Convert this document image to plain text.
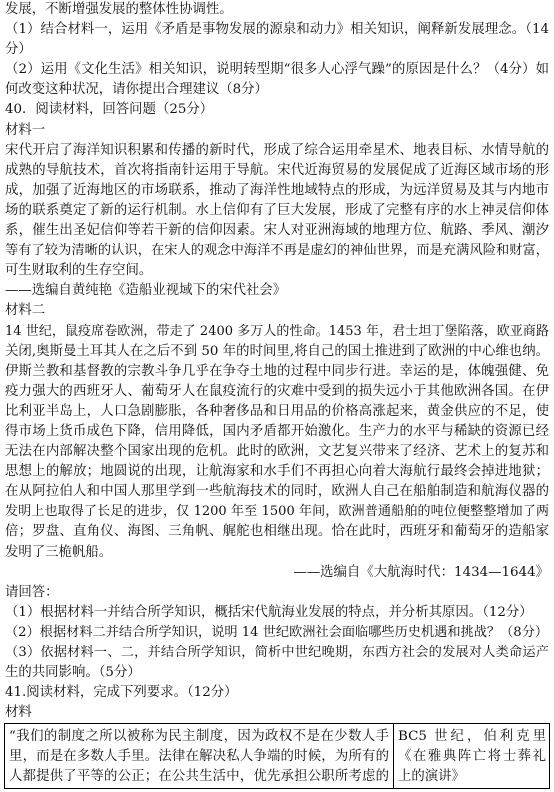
发展，不断增强发展的整体性协调性。
（1）结合材料一，运用《矛盾是事物发展的源泉和动力》相关知识，阐释新发展理念。（14
分）
（2）运用《文化生活》相关知识，说明转型期“很多人心浮气躁”的原因是什么？（4分）如
何改变这种状况，请你提出合理建议（8分）
40．阅读材料，回答问题（25分）
材料一
宋代开启了海洋知识积累和传播的新时代，形成了综合运用牵星术、地表目标、水情导航的
成熟的导航技术，首次将指南针运用于导航。宋代近海贸易的发展促成了近海区域市场的形
成，加强了近海地区的市场联系，推动了海洋性地域特点的形成，为远洋贸易及其与内地市
场的联系奠定了新的运行机制。水上信仰有了巨大发展，形成了完整有序的水上神灵信仰体
系，催生出圣妃信仰等若干新的信仰因素。宋人对亚洲海域的地理方位、航路、季风、潮汐
等有了较为清晰的认识，在宋人的观念中海洋不再是虚幻的神仙世界，而是充满风险和财富，
可生财取利的生存空间。
——选编自黄纯艳《造船业视域下的宋代社会》
材料二
14 世纪，鼠疫席卷欧洲，带走了 2400 多万人的性命。1453 年，君士坦丁堡陷落，欧亚商路
关闭,奥斯曼土耳其人在之后不到 50 年的时间里,将自己的国土推进到了欧洲的中心维也纳。
伊斯兰教和基督教的宗教斗争几乎在争夺土地的过程中同步行进。幸运的是，体魄强健、免
疫力强大的西班牙人、葡萄牙人在鼠疫流行的灾难中受到的损失远小于其他欧洲各国。在伊
比利亚半岛上，人口急剧膨胀，各种奢侈品和日用品的价格高涨起来，黄金供应的不足，使
得市场上货币成色下降，信用降低，国内矛盾都开始激化。生产力的水平与稀缺的资源已经
无法在内部解决整个国家出现的危机。此时的欧洲，文艺复兴带来了经济、艺术上的复苏和
思想上的解放；地圆说的出现，让航海家和水手们不再担心向着大海航行最终会掉进地狱；
在从阿拉伯人和中国人那里学到一些航海技术的同时，欧洲人自己在船舶制造和航海仪器的
发明上也取得了长足的进步，仅 1200 年至 1500 年间，欧洲普通船舶的吨位便整整增加了两
倍；罗盘、直角仪、海图、三角帆、艉舵也相继出现。恰在此时，西班牙和葡萄牙的造船家
发明了三桅帆船。
——选编自《大航海时代：1434—1644》
请回答：
（1）根据材料一并结合所学知识，概括宋代航海业发展的特点，并分析其原因。（12分）
（2）根据材料二并结合所学知识，说明 14 世纪欧洲社会面临哪些历史机遇和挑战？（8分）
（3）依据材料一、二，并结合所学知识，简析中世纪晚期，东西方社会的发展对人类命运产
生的共同影响。（5分）
41.阅读材料，完成下列要求。（12分）
材料
“我们的制度之所以被称为民主制度，因为政权不是在少数人手
里，而是在多数人手里。法律在解决私人争端的时候，为所有的
人都提供了平等的公正；在公共生活中，优先承担公职所考虑的
BC5 世纪，伯利克里
《在雅典阵亡将士葬礼
上的演讲》
